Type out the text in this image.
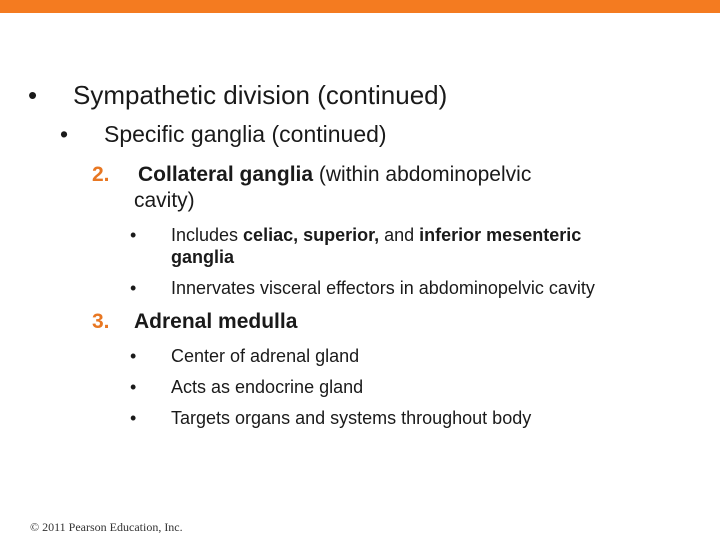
• Sympathetic division (continued)
• Specific ganglia (continued)
2. Collateral ganglia (within abdominopelvic
cavity)
• Includes celiac, superior, and inferior mesenteric
ganglia
• Innervates visceral effectors in abdominopelvic cavity
3. Adrenal medulla
• Center of adrenal gland
• Acts as endocrine gland
• Targets organs and systems throughout body
© 2011 Pearson Education, Inc.
